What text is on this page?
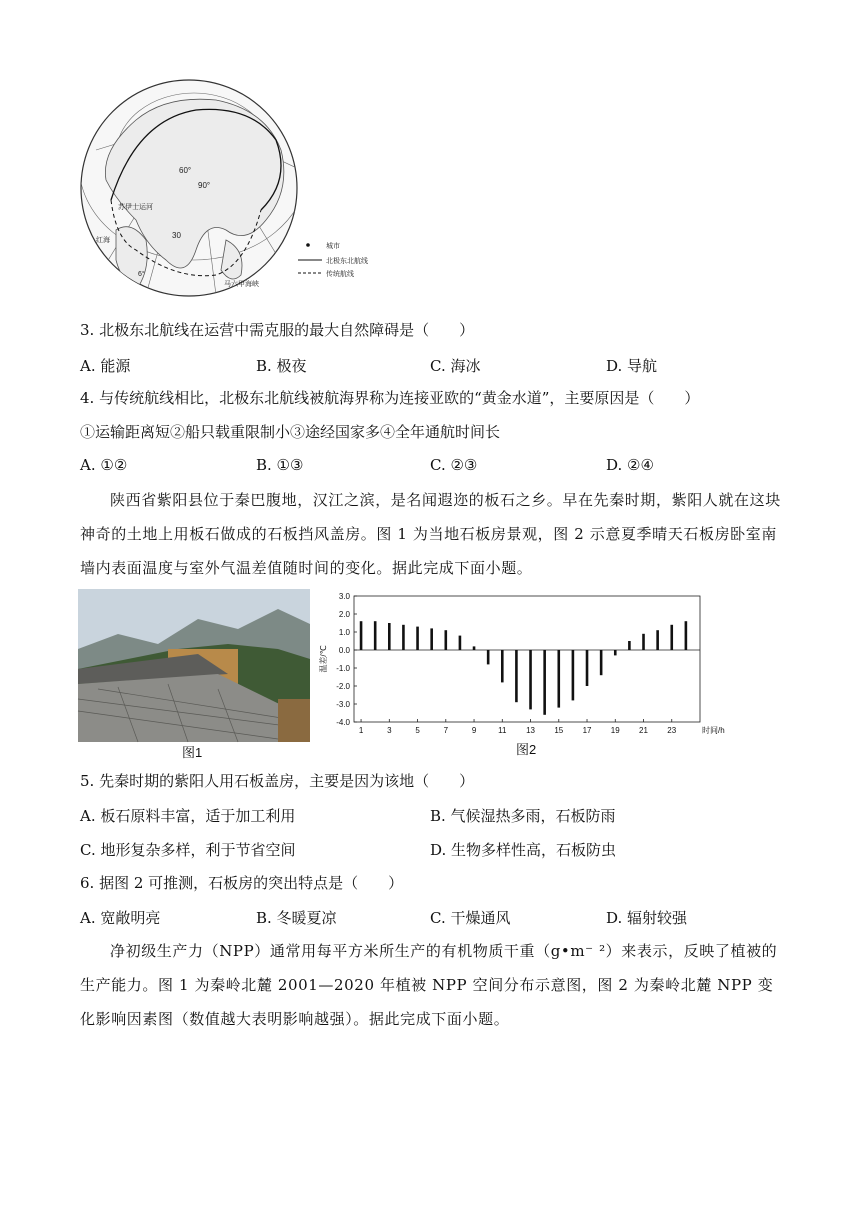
60°
90°
30
6°
苏伊士运河
红海
马六甲海峡
城市
北极东北航线
传统航线
3. 北极东北航线在运营中需克服的最大自然障碍是（　　）
A. 能源	B. 极夜	C. 海冰	D. 导航
4. 与传统航线相比，北极东北航线被航海界称为连接亚欧的“黄金水道”，主要原因是（　　）
①运输距离短②船只载重限制小③途经国家多④全年通航时间长
A. ①②	B. ①③	C. ②③	D. ②④
陕西省紫阳县位于秦巴腹地，汉江之滨，是名闻遐迩的板石之乡。早在先秦时期，紫阳人就在这块神奇的土地上用板石做成的石板挡风盖房。图 1 为当地石板房景观，图 2 示意夏季晴天石板房卧室南墙内表面温度与室外气温差值随时间的变化。据此完成下面小题。
图1
3.0
2.0
1.0
0.0
-1.0
-2.0
-3.0
-4.0
1	3	5	7	9	11 13 15 17 19 21 23
温差/℃
时间/h
图2
5. 先秦时期的紫阳人用石板盖房，主要是因为该地（　　）
A. 板石原料丰富，适于加工利用	B. 气候湿热多雨，石板防雨
C. 地形复杂多样，利于节省空间	D. 生物多样性高，石板防虫
6. 据图 2 可推测，石板房的突出特点是（　　）
A. 宽敞明亮	B. 冬暖夏凉	C. 干燥通风	D. 辐射较强
净初级生产力（NPP）通常用每平方米所生产的有机物质干重（g•m⁻ ²）来表示，反映了植被的生产能力。图 1 为秦岭北麓 2001—2020 年植被 NPP 空间分布示意图，图 2 为秦岭北麓 NPP 变化影响因素图（数值越大表明影响越强）。据此完成下面小题。
